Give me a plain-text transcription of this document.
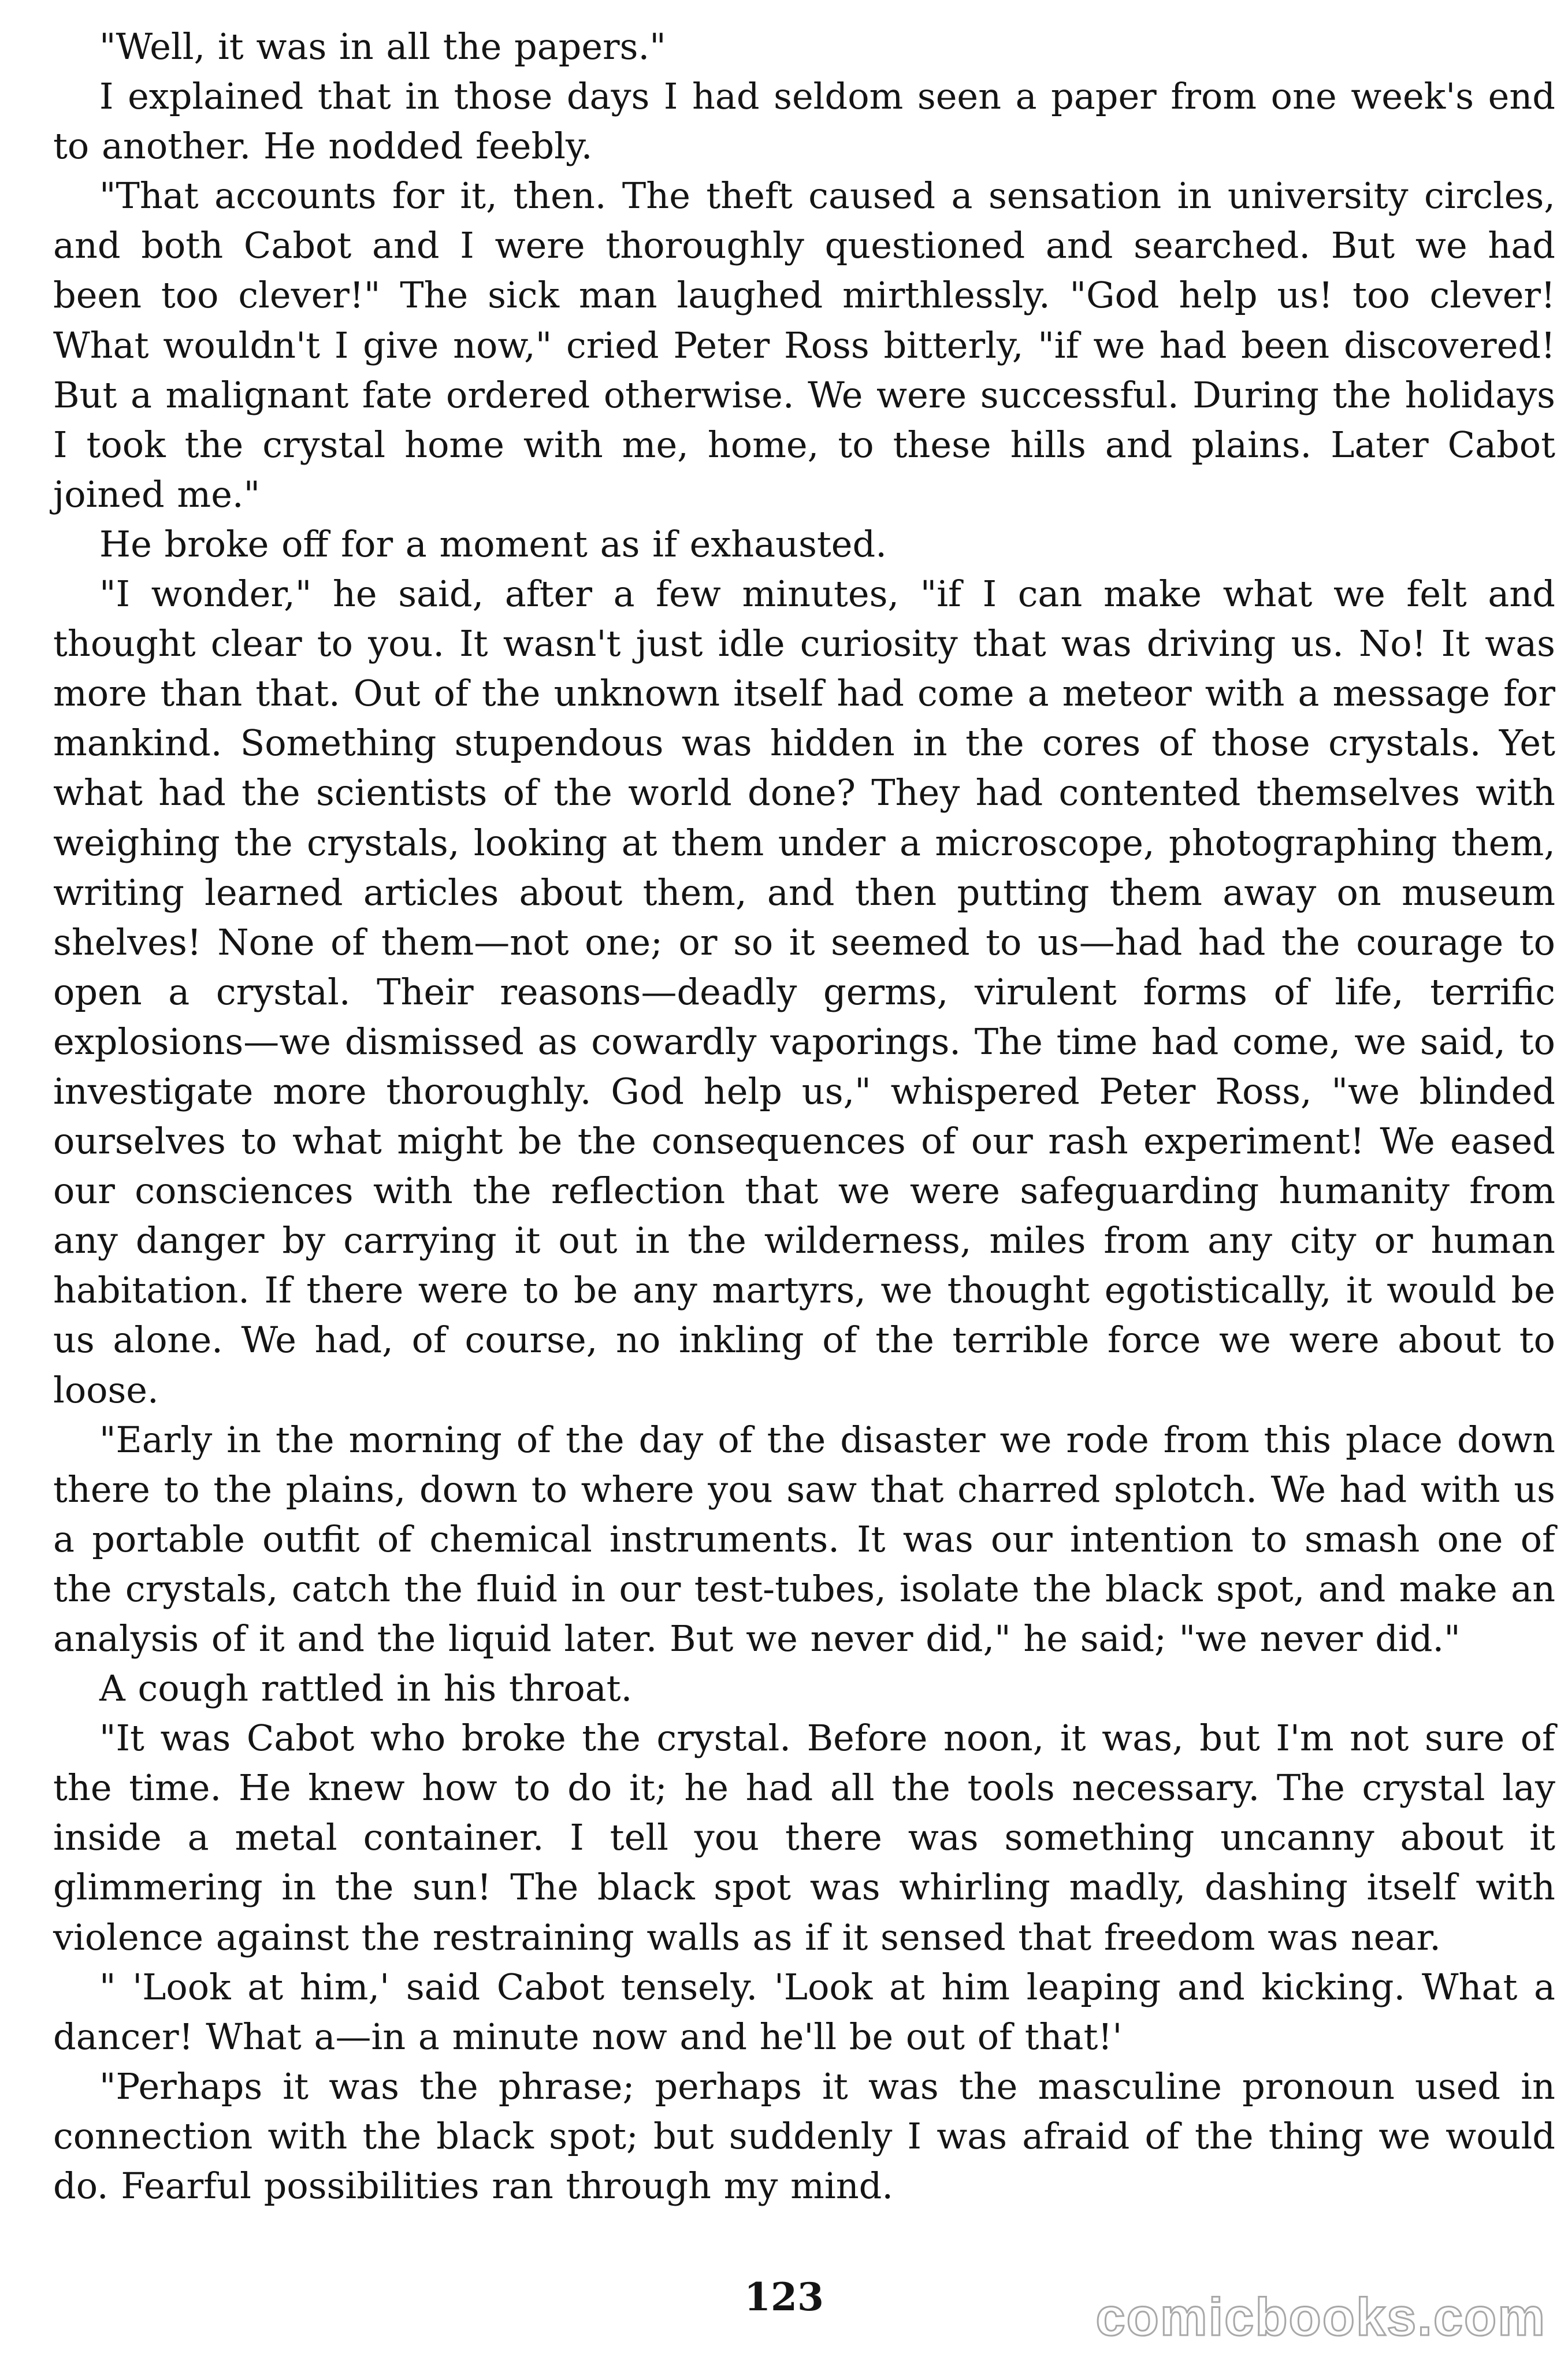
"Well, it was in all the papers."

I explained that in those days I had seldom seen a paper from one week's end to another. He nodded feebly.

"That accounts for it, then. The theft caused a sensation in university circles, and both Cabot and I were thoroughly questioned and searched. But we had been too clever!" The sick man laughed mirthlessly. "God help us! too clever! What wouldn't I give now," cried Peter Ross bitterly, "if we had been discovered! But a malignant fate ordered otherwise. We were successful. During the holidays I took the crystal home with me, home, to these hills and plains. Later Cabot joined me."

He broke off for a moment as if exhausted.

"I wonder," he said, after a few minutes, "if I can make what we felt and thought clear to you. It wasn't just idle curiosity that was driving us. No! It was more than that. Out of the unknown itself had come a meteor with a message for mankind. Something stupendous was hidden in the cores of those crystals. Yet what had the scientists of the world done? They had contented themselves with weighing the crystals, looking at them under a microscope, photographing them, writing learned articles about them, and then putting them away on museum shelves! None of them—not one; or so it seemed to us—had had the courage to open a crystal. Their reasons—deadly germs, virulent forms of life, terrific explosions—we dismissed as cowardly vaporings. The time had come, we said, to investigate more thoroughly. God help us," whispered Peter Ross, "we blinded ourselves to what might be the consequences of our rash experiment! We eased our consciences with the reflection that we were safeguarding humanity from any danger by carrying it out in the wilderness, miles from any city or human habitation. If there were to be any martyrs, we thought egotistically, it would be us alone. We had, of course, no inkling of the terrible force we were about to loose.

"Early in the morning of the day of the disaster we rode from this place down there to the plains, down to where you saw that charred splotch. We had with us a portable outfit of chemical instruments. It was our intention to smash one of the crystals, catch the fluid in our test-tubes, isolate the black spot, and make an analysis of it and the liquid later. But we never did," he said; "we never did."

A cough rattled in his throat.

"It was Cabot who broke the crystal. Before noon, it was, but I'm not sure of the time. He knew how to do it; he had all the tools necessary. The crystal lay inside a metal container. I tell you there was something uncanny about it glimmering in the sun! The black spot was whirling madly, dashing itself with violence against the restraining walls as if it sensed that freedom was near.

" 'Look at him,' said Cabot tensely. 'Look at him leaping and kicking. What a dancer! What a—in a minute now and he'll be out of that!'

"Perhaps it was the phrase; perhaps it was the masculine pronoun used in connection with the black spot; but suddenly I was afraid of the thing we would do. Fearful possibilities ran through my mind.

123	comicbooks.com
